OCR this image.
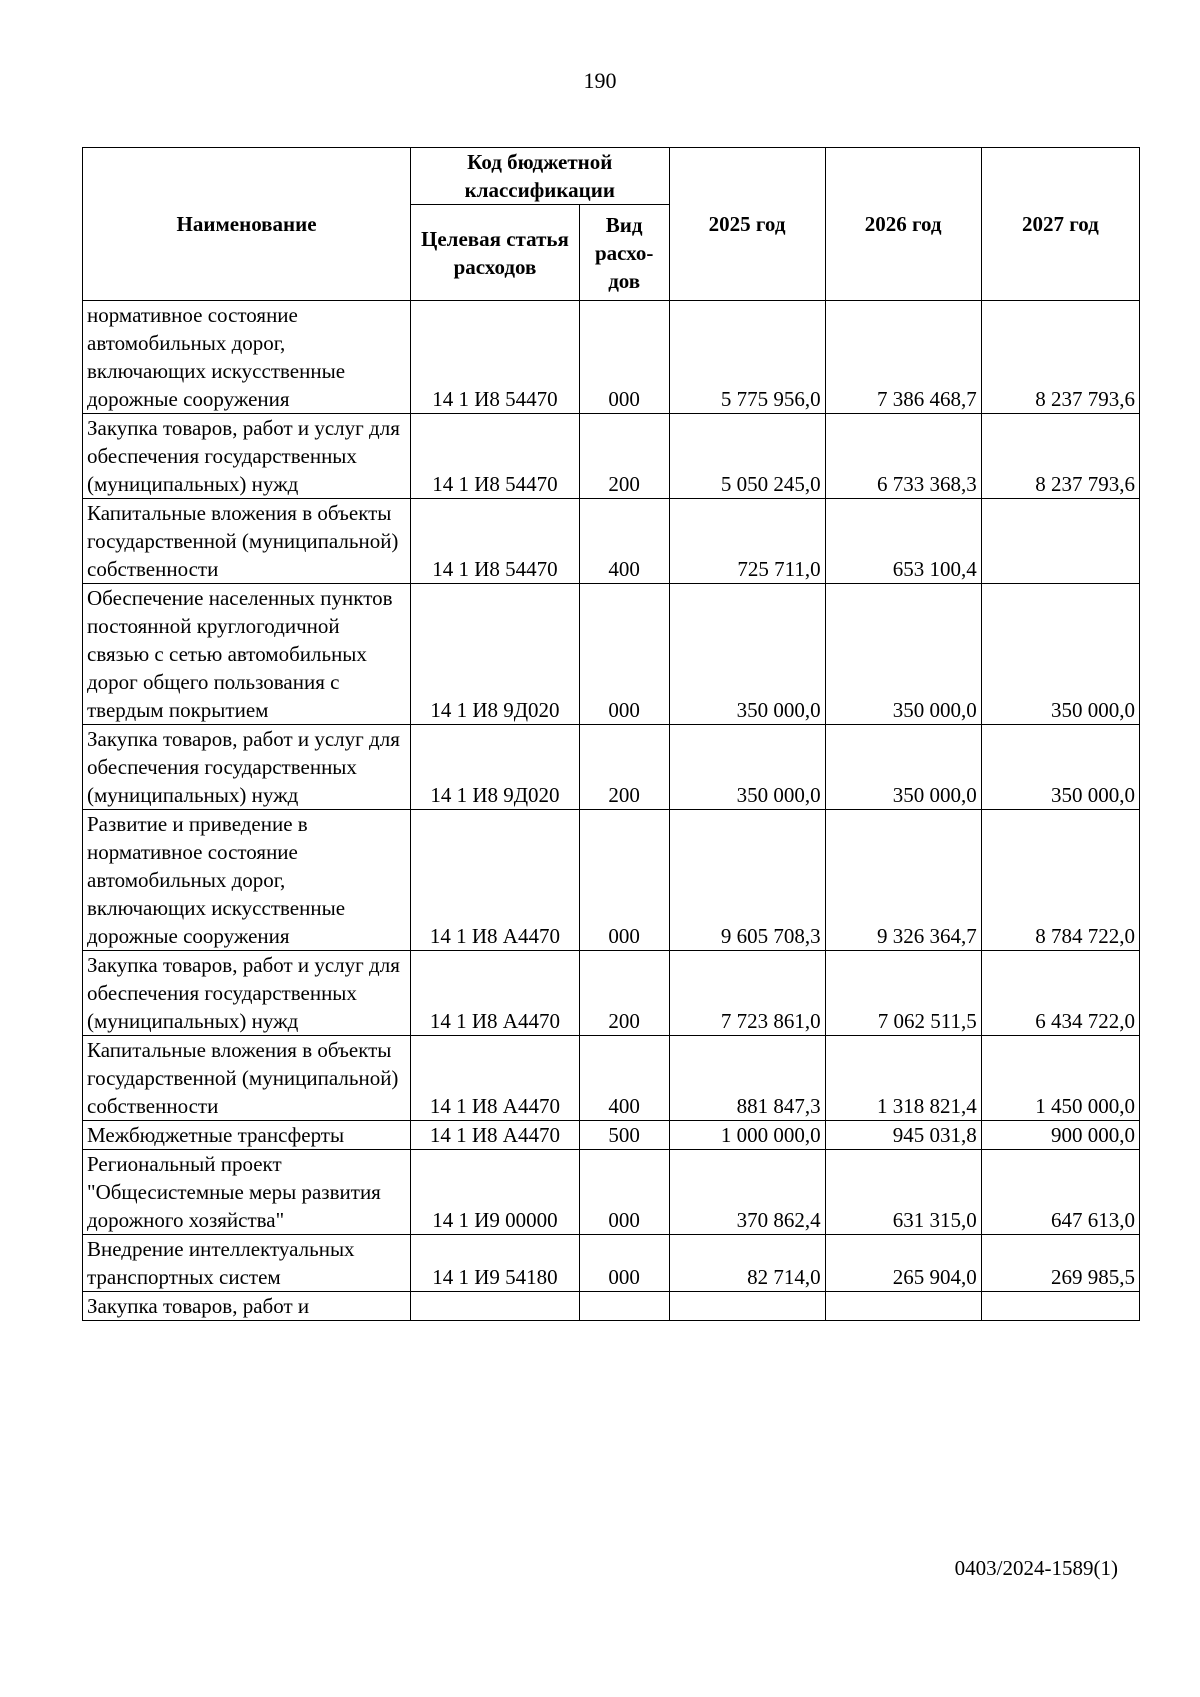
190
Наименование	Код бюджетной классификации		2025 год	2026 год	2027 год
	Целевая статья расходов	Вид
расхо-
дов			
нормативное состояние автомобильных дорог, включающих искусственные дорожные сооружения	14 1 И8 54470	000	5 775 956,0	7 386 468,7	8 237 793,6
Закупка товаров, работ и услуг для обеспечения государственных (муниципальных) нужд	14 1 И8 54470	200	5 050 245,0	6 733 368,3	8 237 793,6
Капитальные вложения в объекты государственной (муниципальной) собственности	14 1 И8 54470	400	725 711,0	653 100,4	
Обеспечение населенных пунктов постоянной круглогодичной связью с сетью автомобильных дорог общего пользования с твердым покрытием	14 1 И8 9Д020	000	350 000,0	350 000,0	350 000,0
Закупка товаров, работ и услуг для обеспечения государственных (муниципальных) нужд	14 1 И8 9Д020	200	350 000,0	350 000,0	350 000,0
Развитие и приведение в нормативное состояние автомобильных дорог, включающих искусственные дорожные сооружения	14 1 И8 А4470	000	9 605 708,3	9 326 364,7	8 784 722,0
Закупка товаров, работ и услуг для обеспечения государственных (муниципальных) нужд	14 1 И8 А4470	200	7 723 861,0	7 062 511,5	6 434 722,0
Капитальные вложения в объекты государственной (муниципальной) собственности	14 1 И8 А4470	400	881 847,3	1 318 821,4	1 450 000,0
Межбюджетные трансферты	14 1 И8 А4470	500	1 000 000,0	945 031,8	900 000,0
Региональный проект "Общесистемные меры развития дорожного хозяйства"	14 1 И9 00000	000	370 862,4	631 315,0	647 613,0
Внедрение интеллектуальных транспортных систем	14 1 И9 54180	000	82 714,0	265 904,0	269 985,5
Закупка товаров, работ и					
0403/2024-1589(1)
